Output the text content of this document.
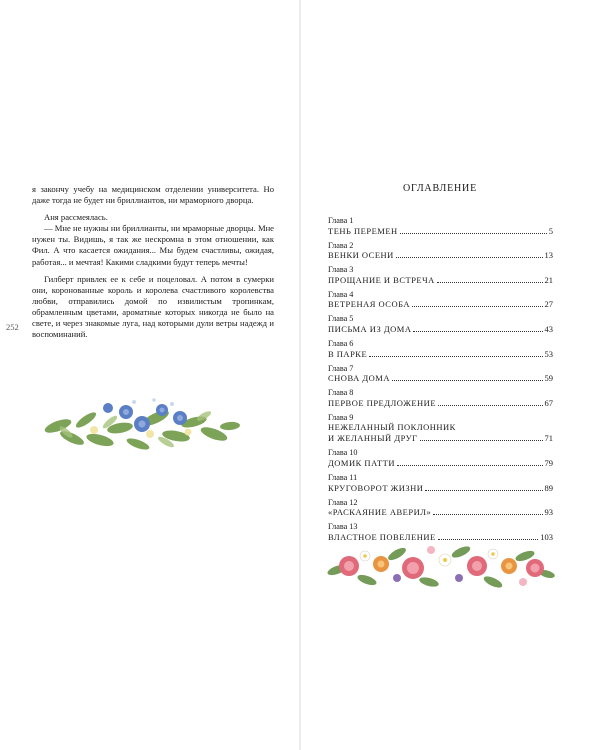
я закончу учебу на медицинском отделении университета. Но даже тогда не будет ни бриллиантов, ни мраморного дворца.

Аня рассмеялась.

— Мне не нужны ни бриллианты, ни мраморные дворцы. Мне нужен ты. Видишь, я так же нескромна в этом отношении, как Фил. А что касается ожидания... Мы будем счастливы, ожидая, работая... и мечтая! Какими сладкими будут теперь мечты!

Гилберт привлек ее к себе и поцеловал. А потом в сумерки они, коронованные король и королева счастливого королевства любви, отправились домой по извилистым тропинкам, обрамленным цветами, ароматные которых никогда не было на свете, и через знакомые луга, над которыми дули ветры надежд и воспоминаний.

252
ОГЛАВЛЕНИЕ
Глава 1
ТЕНЬ ПЕРЕМЕН	5
Глава 2
ВЕНКИ ОСЕНИ	13
Глава 3
ПРОЩАНИЕ И ВСТРЕЧА	21
Глава 4
ВЕТРЕНАЯ ОСОБА	27
Глава 5
ПИСЬМА ИЗ ДОМА	43
Глава 6
В ПАРКЕ	53
Глава 7
СНОВА ДОМА	59
Глава 8
ПЕРВОЕ ПРЕДЛОЖЕНИЕ	67
Глава 9
НЕЖЕЛАННЫЙ ПОКЛОННИК
И ЖЕЛАННЫЙ ДРУГ	71
Глава 10
ДОМИК ПАТТИ	79
Глава 11
КРУГОВОРОТ ЖИЗНИ	89
Глава 12
«РАСКАЯНИЕ АВЕРИЛ»	93
Глава 13
ВЛАСТНОЕ ПОВЕЛЕНИЕ	103
